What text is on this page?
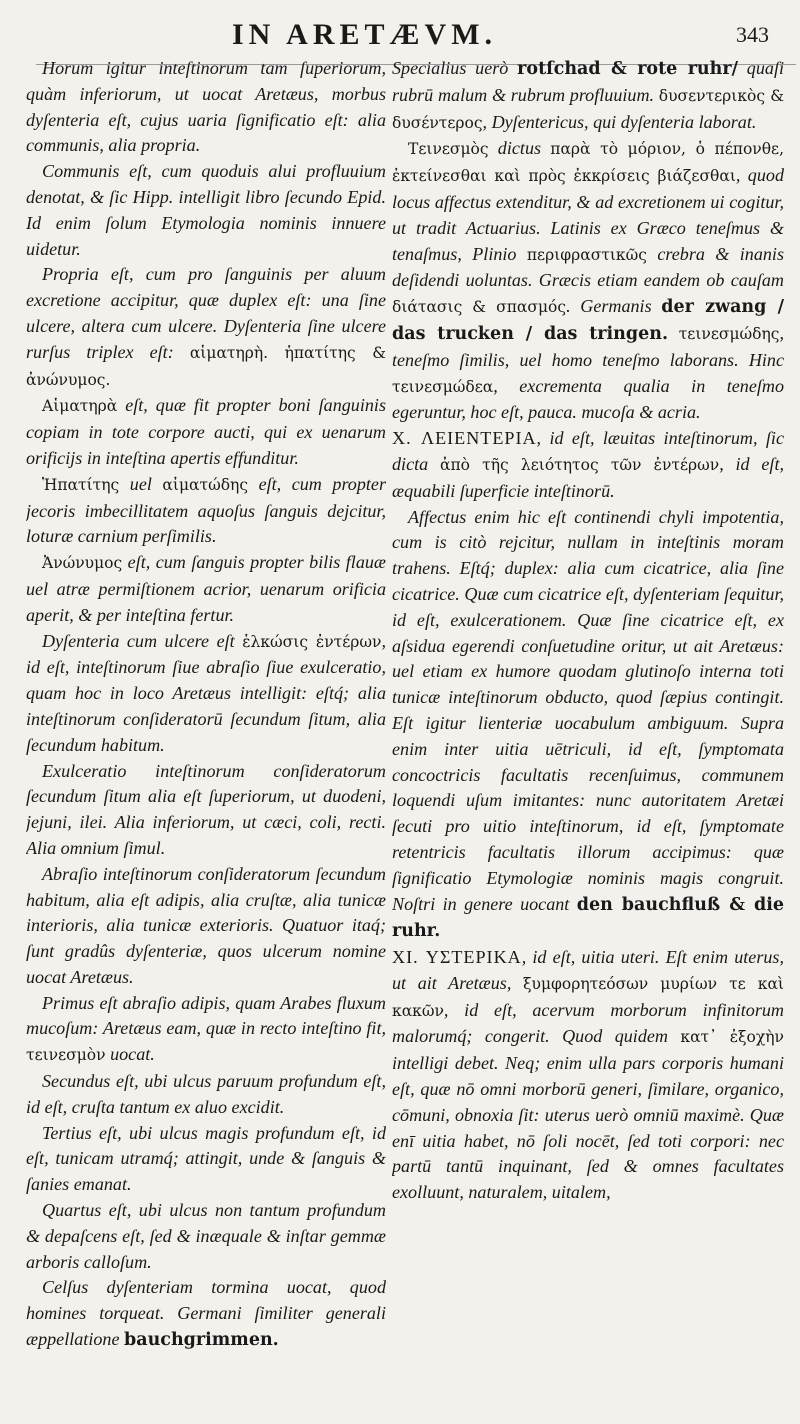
IN ARETÆVM.	343

Horum igitur inteſtinorum tam ſuperiorum, quàm inferiorum, ut uocat Aretæus, morbus dyſenteria eſt, cujus uaria ſignificatio eſt: alia communis, alia propria.

Communis eſt, cum quoduis alui profluuium denotat, & ſic Hipp. intelligit libro ſecundo Epid. Id enim ſolum Etymologia nominis innuere uidetur.

Propria eſt, cum pro ſanguinis per aluum excretione accipitur, quæ duplex eſt: una ſine ulcere, altera cum ulcere. Dyſenteria ſine ulcere rurſus triplex eſt: αἱματηρὴ. ἡπατίτης & ἀνώνυμος.

Αἱματηρὰ eſt, quæ fit propter boni ſanguinis copiam in tote corpore aucti, qui ex uenarum orificijs in inteſtina apertis effunditur.

Ἡπατίτης uel αἱματώδης eſt, cum propter jecoris imbecillitatem aquoſus ſanguis dejcitur, loturæ carnium perſimilis.

Ἀνώνυμος eſt, cum ſanguis propter bilis flauæ uel atræ permiſtionem acrior, uenarum orificia aperit, & per inteſtina fertur.

Dyſenteria cum ulcere eſt ἑλκώσις ἐντέρων, id eſt, inteſtinorum ſiue abraſio ſiue exulceratio, quam hoc in loco Aretæus intelligit: eſtq́; alia inteſtinorum conſideratorū ſecundum ſitum, alia ſecundum habitum.

Exulceratio inteſtinorum conſideratorum ſecundum ſitum alia eſt ſuperiorum, ut duodeni, jejuni, ilei. Alia inferiorum, ut cæci, coli, recti. Alia omnium ſimul.

Abraſio inteſtinorum conſideratorum ſecundum habitum, alia eſt adipis, alia cruſtæ, alia tunicæ interioris, alia tunicæ exterioris. Quatuor itaq́; ſunt gradûs dyſenteriæ, quos ulcerum nomine uocat Aretæus.

Primus eſt abraſio adipis, quam Arabes fluxum mucoſum: Aretæus eam, quæ in recto inteſtino fit, τεινεσμὸν uocat.

Secundus eſt, ubi ulcus paruum profundum eſt, id eſt, cruſta tantum ex aluo excidit.

Tertius eſt, ubi ulcus magis profundum eſt, id eſt, tunicam utramq́; attingit, unde & ſanguis & ſanies emanat.

Quartus eſt, ubi ulcus non tantum profundum & depaſcens eſt, ſed & inæquale & inſtar gemmæ arboris calloſum.

Celſus dyſenteriam tormina uocat, quod homines torqueat. Germani ſimiliter generali æppellatione bauchgrimmen.

Specialius uerò rotſchad & rote ruhr/ quaſi rubrū malum & rubrum profluuium. δυσεντερικὸς & δυσέντερος, Dyſentericus, qui dyſenteria laborat.

Τεινεσμὸς dictus παρὰ τὸ μόριον, ὁ πέπονθε, ἐκτείνεσθαι καὶ πρὸς ἐκκρίσεις βιάζεσθαι, quod locus affectus extenditur, & ad excretionem ui cogitur, ut tradit Actuarius. Latinis ex Græco teneſmus & tenaſmus, Plinio περιφραστικῶς crebra & inanis deſidendi uoluntas. Græcis etiam eandem ob cauſam διάτασις & σπασμός. Germanis der zwang / das trucken / das tringen. τεινεσμώδης, teneſmo ſimilis, uel homo teneſmo laborans. Hinc τεινεσμώδεα, excrementa qualia in teneſmo egeruntur, hoc eſt, pauca. mucoſa & acria.

X. ΛΕΙΕΝΤΕΡΙΑ, id eſt, læuitas inteſtinorum, ſic dicta ἀπὸ τῆς λειότητος τῶν ἐντέρων, id eſt, æquabili ſuperficie inteſtinorū.

Affectus enim hic eſt continendi chyli impotentia, cum is citò rejcitur, nullam in inteſtinis moram trahens. Eſtq́; duplex: alia cum cicatrice, alia ſine cicatrice. Quæ cum cicatrice eſt, dyſenteriam ſequitur, id eſt, exulcerationem. Quæ ſine cicatrice eſt, ex aſsidua egerendi conſuetudine oritur, ut ait Aretæus: uel etiam ex humore quodam glutinoſo interna toti tunicæ inteſtinorum obducto, quod ſæpius contingit. Eſt igitur lienteriæ uocabulum ambiguum. Supra enim inter uitia uētriculi, id eſt, ſymptomata concoctricis facultatis recenſuimus, communem loquendi uſum imitantes: nunc autoritatem Aretæi ſecuti pro uitio inteſtinorum, id eſt, ſymptomate retentricis facultatis illorum accipimus: quæ ſignificatio Etymologiæ nominis magis congruit. Noſtri in genere uocant den bauchfluß & die ruhr.

XI. ΥΣΤΕΡΙΚΑ, id eſt, uitia uteri. Eſt enim uterus, ut ait Aretæus, ξυμφορητεόσων μυρίων τε καὶ κακῶν, id eſt, acervum morborum infinitorum malorumq́; congerit. Quod quidem κατ᾽ ἐξοχὴν intelligi debet. Neq; enim ulla pars corporis humani eſt, quæ nō omni morborū generi, ſimilare, organico, cōmuni, obnoxia ſit: uterus uerò omniū maximè. Quæ enī uitia habet, nō ſoli nocēt, ſed toti corpori: nec partū tantū inquinant, ſed & omnes facultates exolluunt, naturalem, uitalem,
